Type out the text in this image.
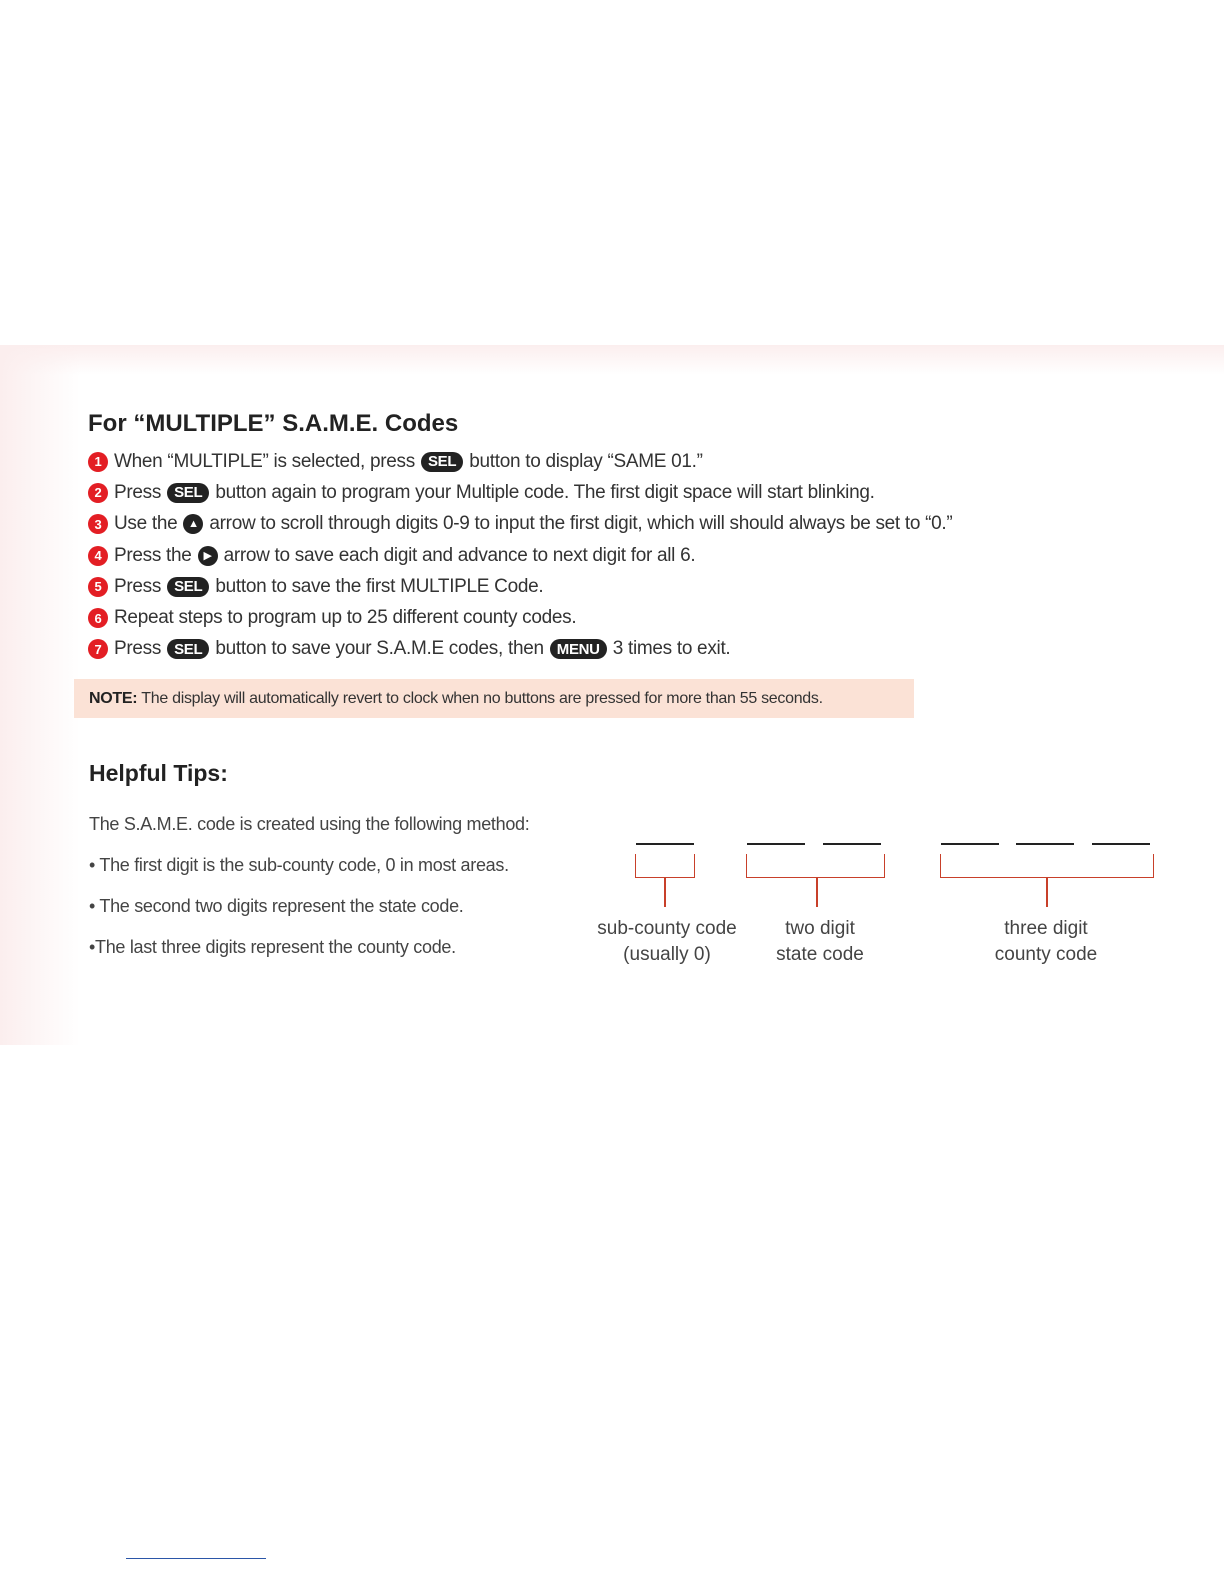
For “MULTIPLE” S.A.M.E. Codes
1 When “MULTIPLE” is selected, press SEL button to display “SAME 01.”
2 Press SEL button again to program your Multiple code. The first digit space will start blinking.
3 Use the ▲ arrow to scroll through digits 0-9 to input the first digit, which will should always be set to “0.”
4 Press the	▶ arrow to save each digit and advance to next digit for all 6.
5 Press SEL button to save the first MULTIPLE Code.
6 Repeat steps to program up to 25 different county codes.
7 Press SEL button to save your S.A.M.E codes, then MENU 3 times to exit.
NOTE: The display will automatically revert to clock when no buttons are pressed for more than 55 seconds.
Helpful Tips:
The S.A.M.E. code is created using the following method:
• The first digit is the sub-county code, 0 in most areas.
• The second two digits represent the state code.
•The last three digits represent the county code.
sub-county code
(usually 0)
two digit
state code
three digit
county code
